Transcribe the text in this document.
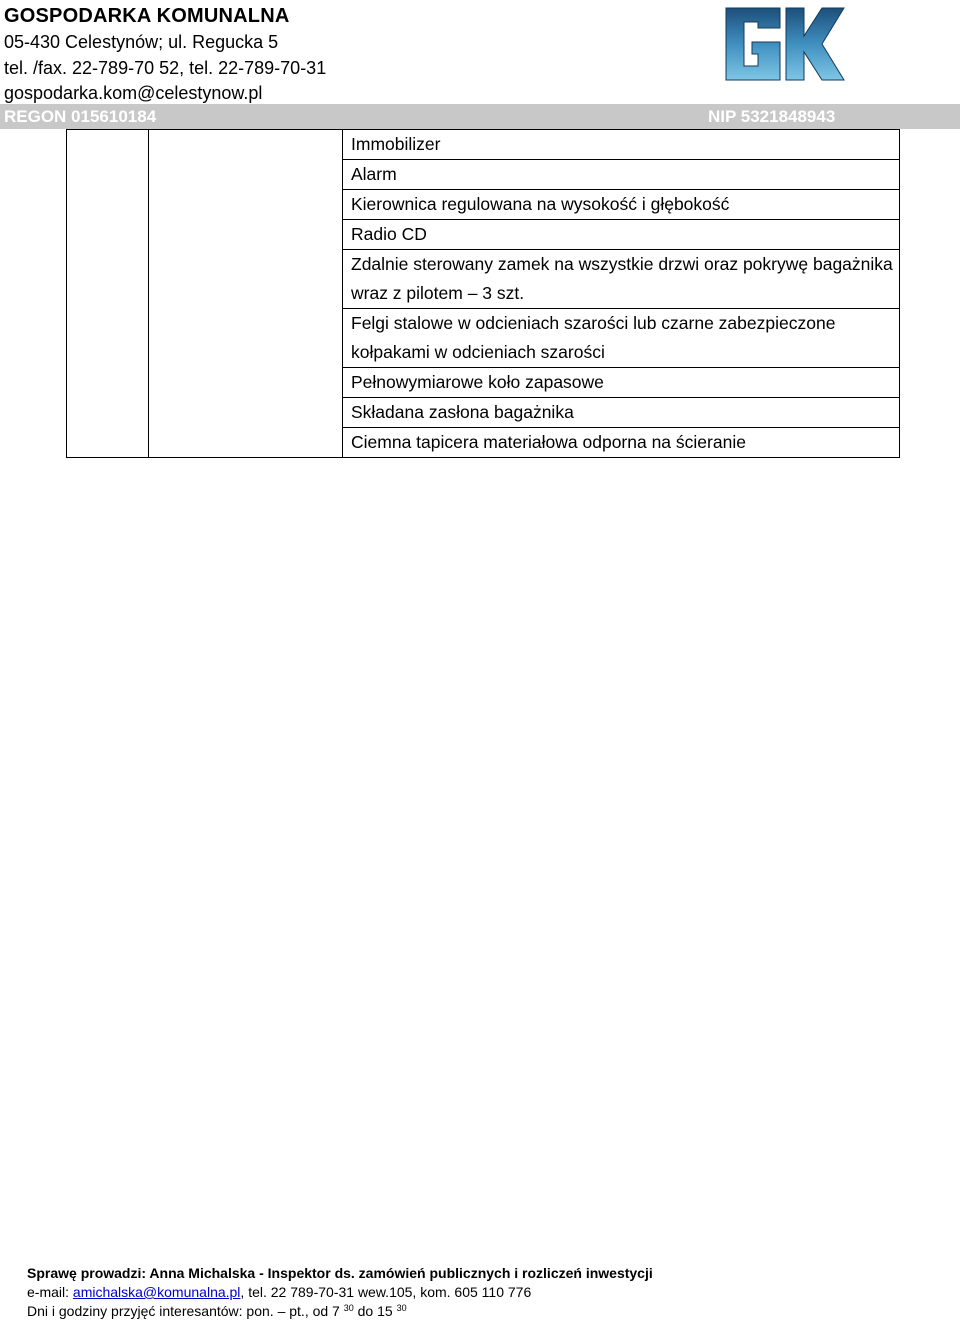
GOSPODARKA KOMUNALNA
05-430 Celestynów; ul. Regucka 5
tel. /fax. 22-789-70 52, tel. 22-789-70-31
gospodarka.kom@celestynow.pl
GK
REGON 015610184	NIP 5321848943
		Immobilizer
Alarm
Kierownica regulowana na wysokość i głębokość
Radio CD
Zdalnie sterowany zamek na wszystkie drzwi oraz pokrywę bagażnika wraz z pilotem – 3 szt.
Felgi stalowe w odcieniach szarości lub czarne zabezpieczone kołpakami w odcieniach szarości
Pełnowymiarowe koło zapasowe
Składana zasłona bagażnika
Ciemna tapicera materiałowa odporna na ścieranie
Sprawę prowadzi: Anna Michalska - Inspektor ds. zamówień publicznych i rozliczeń inwestycji
e-mail: amichalska@komunalna.pl, tel. 22 789-70-31 wew.105, kom. 605 110 776
Dni i godziny przyjęć interesantów: pon. – pt., od 7 $^{30}$ do 15 $^{30}$
